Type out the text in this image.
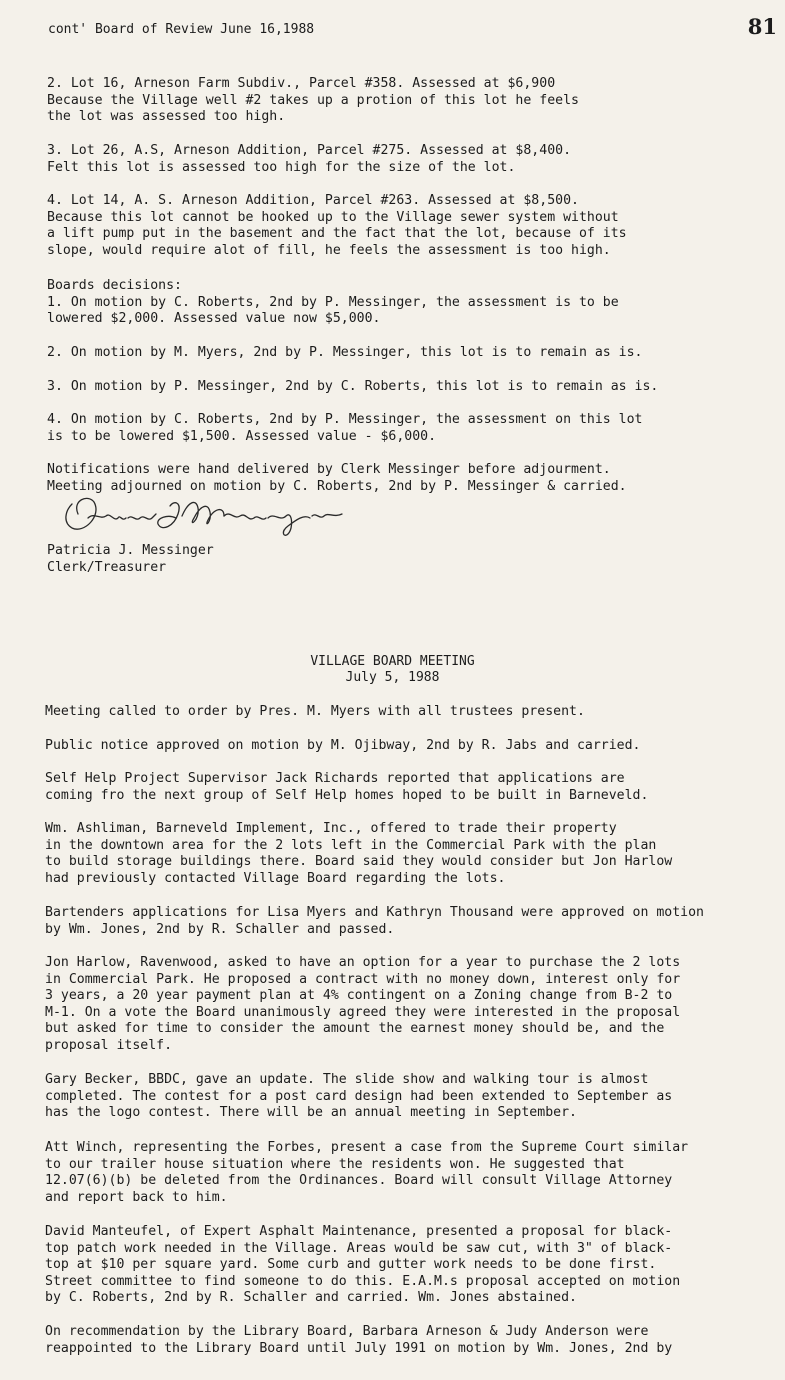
cont' Board of Review June 16,1988	81

2. Lot 16, Arneson Farm Subdiv., Parcel #358. Assessed at $6,900
Because the Village well #2 takes up a protion of this lot he feels
the lot was assessed too high.

3. Lot 26, A.S, Arneson Addition, Parcel #275. Assessed at $8,400.
Felt this lot is assessed too high for the size of the lot.

4. Lot 14, A. S. Arneson Addition, Parcel #263. Assessed at $8,500.
Because this lot cannot be hooked up to the Village sewer system without
a lift pump put in the basement and the fact that the lot, because of its
slope, would require alot of fill, he feels the assessment is too high.

Boards decisions:
1. On motion by C. Roberts, 2nd by P. Messinger, the assessment is to be
lowered $2,000. Assessed value now $5,000.

2. On motion by M. Myers, 2nd by P. Messinger, this lot is to remain as is.

3. On motion by P. Messinger, 2nd by C. Roberts, this lot is to remain as is.

4. On motion by C. Roberts, 2nd by P. Messinger, the assessment on this lot
is to be lowered $1,500. Assessed value - $6,000.

Notifications were hand delivered by Clerk Messinger before adjourment.
Meeting adjourned on motion by C. Roberts, 2nd by P. Messinger & carried.

Patricia J. Messinger
Clerk/Treasurer
VILLAGE BOARD MEETING
July 5, 1988

Meeting called to order by Pres. M. Myers with all trustees present.

Public notice approved on motion by M. Ojibway, 2nd by R. Jabs and carried.

Self Help Project Supervisor Jack Richards reported that applications are
coming fro the next group of Self Help homes hoped to be built in Barneveld.

Wm. Ashliman, Barneveld Implement, Inc., offered to trade their property
in the downtown area for the 2 lots left in the Commercial Park with the plan
to build storage buildings there. Board said they would consider but Jon Harlow
had previously contacted Village Board regarding the lots.

Bartenders applications for Lisa Myers and Kathryn Thousand were approved on motion
by Wm. Jones, 2nd by R. Schaller and passed.

Jon Harlow, Ravenwood, asked to have an option for a year to purchase the 2 lots
in Commercial Park. He proposed a contract with no money down, interest only for
3 years, a 20 year payment plan at 4% contingent on a Zoning change from B-2 to
M-1. On a vote the Board unanimously agreed they were interested in the proposal
but asked for time to consider the amount the earnest money should be, and the
proposal itself.

Gary Becker, BBDC, gave an update. The slide show and walking tour is almost
completed. The contest for a post card design had been extended to September as
has the logo contest. There will be an annual meeting in September.

Att Winch, representing the Forbes, present a case from the Supreme Court similar
to our trailer house situation where the residents won. He suggested that
12.07(6)(b) be deleted from the Ordinances. Board will consult Village Attorney
and report back to him.

David Manteufel, of Expert Asphalt Maintenance, presented a proposal for black-
top patch work needed in the Village. Areas would be saw cut, with 3" of black-
top at $10 per square yard. Some curb and gutter work needs to be done first.
Street committee to find someone to do this. E.A.M.s proposal accepted on motion
by C. Roberts, 2nd by R. Schaller and carried. Wm. Jones abstained.

On recommendation by the Library Board, Barbara Arneson & Judy Anderson were
reappointed to the Library Board until July 1991 on motion by Wm. Jones, 2nd by
